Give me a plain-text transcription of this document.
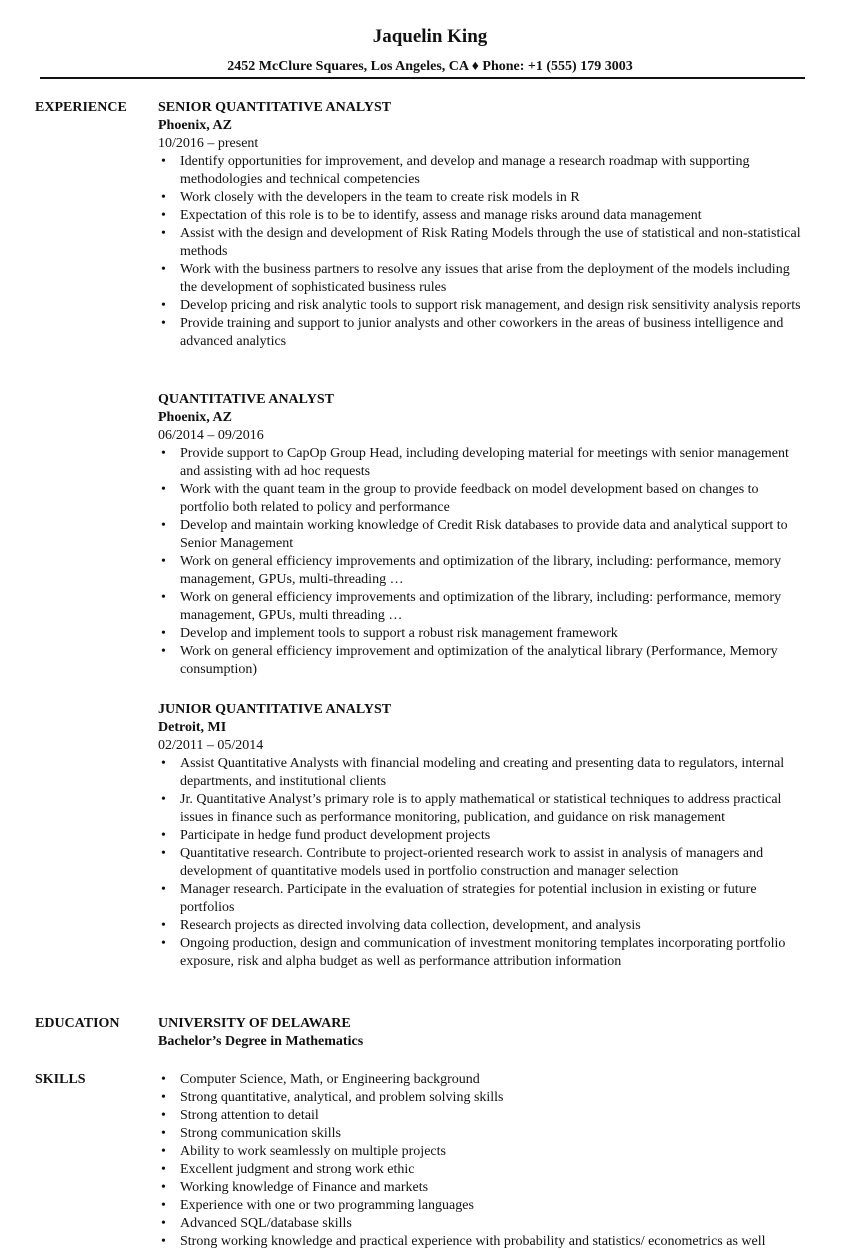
Jaquelin King
2452 McClure Squares, Los Angeles, CA ♦ Phone: +1 (555) 179 3003
EXPERIENCE SENIOR QUANTITATIVE ANALYST
Phoenix, AZ
10/2016 – present
• Identify opportunities for improvement, and develop and manage a research roadmap with supporting methodologies and technical competencies
• Work closely with the developers in the team to create risk models in R
• Expectation of this role is to be to identify, assess and manage risks around data management
• Assist with the design and development of Risk Rating Models through the use of statistical and non-statistical methods
• Work with the business partners to resolve any issues that arise from the deployment of the models including the development of sophisticated business rules
• Develop pricing and risk analytic tools to support risk management, and design risk sensitivity analysis reports
• Provide training and support to junior analysts and other coworkers in the areas of business intelligence and advanced analytics
QUANTITATIVE ANALYST
Phoenix, AZ
06/2014 – 09/2016
• Provide support to CapOp Group Head, including developing material for meetings with senior management and assisting with ad hoc requests
• Work with the quant team in the group to provide feedback on model development based on changes to portfolio both related to policy and performance
• Develop and maintain working knowledge of Credit Risk databases to provide data and analytical support to Senior Management
• Work on general efficiency improvements and optimization of the library, including: performance, memory management, GPUs, multi-threading …
• Work on general efficiency improvements and optimization of the library, including: performance, memory management, GPUs, multi threading …
• Develop and implement tools to support a robust risk management framework
• Work on general efficiency improvement and optimization of the analytical library (Performance, Memory consumption)
JUNIOR QUANTITATIVE ANALYST
Detroit, MI
02/2011 – 05/2014
• Assist Quantitative Analysts with financial modeling and creating and presenting data to regulators, internal departments, and institutional clients
• Jr. Quantitative Analyst’s primary role is to apply mathematical or statistical techniques to address practical issues in finance such as performance monitoring, publication, and guidance on risk management
• Participate in hedge fund product development projects
• Quantitative research. Contribute to project-oriented research work to assist in analysis of managers and development of quantitative models used in portfolio construction and manager selection
• Manager research. Participate in the evaluation of strategies for potential inclusion in existing or future portfolios
• Research projects as directed involving data collection, development, and analysis
• Ongoing production, design and communication of investment monitoring templates incorporating portfolio exposure, risk and alpha budget as well as performance attribution information
EDUCATION	UNIVERSITY OF DELAWARE
Bachelor’s Degree in Mathematics
SKILLS
•	Computer Science, Math, or Engineering background
• Strong quantitative, analytical, and problem solving skills
• Strong attention to detail
• Strong communication skills
• Ability to work seamlessly on multiple projects
• Excellent judgment and strong work ethic
• Working knowledge of Finance and markets
• Experience with one or two programming languages
• Advanced SQL/database skills
• Strong working knowledge and practical experience with probability and statistics/ econometrics as well
